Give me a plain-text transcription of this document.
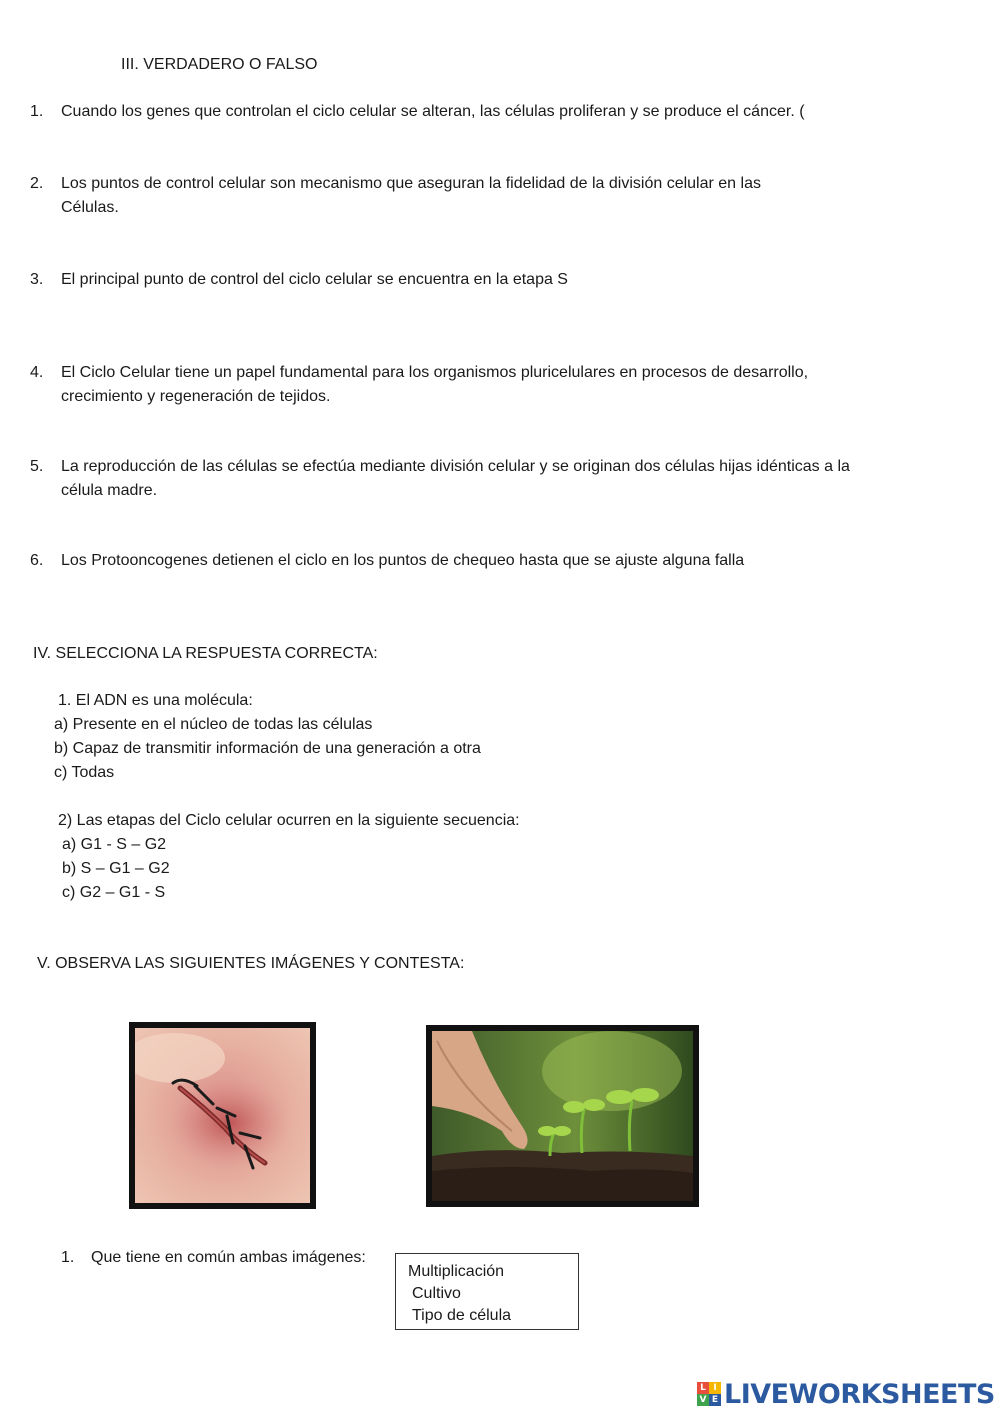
III. VERDADERO O FALSO
1. Cuando los genes que controlan el ciclo celular se alteran, las células proliferan y se produce el cáncer. (
2. Los puntos de control celular son mecanismo que aseguran la fidelidad de la división celular en las
Células.
3. El principal punto de control del ciclo celular se encuentra en la etapa S
4. El Ciclo Celular tiene un papel fundamental para los organismos pluricelulares en procesos de desarrollo,
crecimiento y regeneración de tejidos.
5. La reproducción de las células se efectúa mediante división celular y se originan dos células hijas idénticas a la
célula madre.
6. Los Protooncogenes detienen el ciclo en los puntos de chequeo hasta que se ajuste alguna falla
IV. SELECCIONA LA RESPUESTA CORRECTA:
1. El ADN es una molécula:
a) Presente en el núcleo de todas las células
b) Capaz de transmitir información de una generación a otra
c) Todas
2) Las etapas del Ciclo celular ocurren en la siguiente secuencia:
a) G1 - S – G2
b) S – G1 – G2
c) G2 – G1 - S
V. OBSERVA LAS SIGUIENTES IMÁGENES Y CONTESTA:
1. Que tiene en común ambas imágenes:
Multiplicación
Cultivo
Tipo de célula
L I
V E LIVEWORKSHEETS
